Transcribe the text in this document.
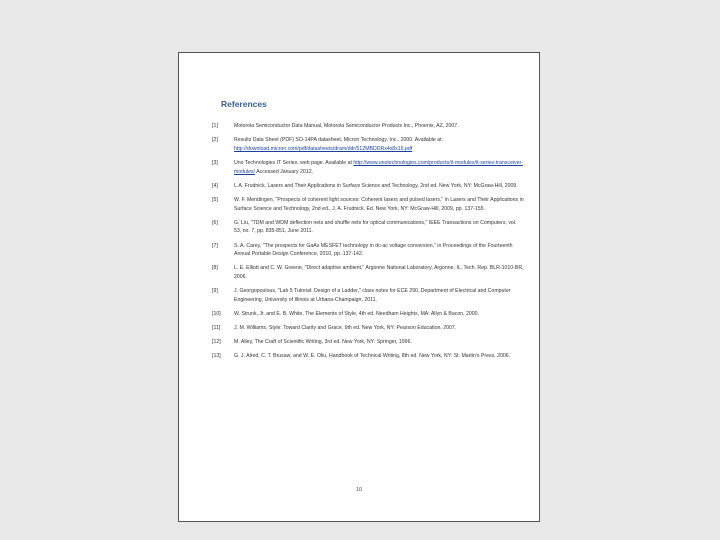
References
[1]	Motorola Semiconductor Data Manual, Motorola Semiconductor Products Inc., Phoenix, AZ, 2007.
[2]	Results Data Sheet (PDF) SO-14PA datasheet, Micron Technology, Inc., 2000. Available at: http://download.micron.com/pdf/datasheets/dram/ddr/512MBDDRx4x8x16.pdf
[3]	Uno Technologies IT Series, web page. Available at http://www.unotechnologies.com/products/it-modules/it-series-transceiver-modules/ Accessed January 2012.
[4]	L.A. Frudnick, Lasers and Their Applications in Surface Science and Technology, 2nd ed. New York, NY: McGraw-Hill, 2009.
[5]	W. F. Mendingen, "Prospects of coherent light sources: Coherent lasers and pulsed lasers," in Lasers and Their Applications in Surface Science and Technology, 2nd ed., J. A. Frudnick, Ed. New York, NY: McGraw-Hill, 2009, pp. 137-155.
[6]	G. Liu, "TDM and WDM deflection nets and shuffle nets for optical communications," IEEE Transactions on Computers, vol. 53, no. 7, pp. 835-851, June 2011.
[7]	S. A. Carey, "The prospects for GaAs MESFET technology in dc-ac voltage conversion," in Proceedings of the Fourteenth Annual Portable Design Conference, 2010, pp. 137-142.
[8]	L. E. Elliott and C. W. Greene, "Direct adaptive ambient," Argonne National Laboratory, Argonne, IL, Tech. Rep. BLR-1010-BR, 2006.
[9]	J. Georgopoulous, "Lab 5 Tutorial: Design of a Ladder," class notes for ECE 290, Department of Electrical and Computer Engineering, University of Illinois at Urbana-Champaign, 2011.
[10]	W. Strunk, Jr. and E. B. White, The Elements of Style, 4th ed. Needham Heights, MA: Allyn & Bacon, 2000.
[11]	J. M. Williams, Style: Toward Clarity and Grace, 9th ed. New York, NY: Pearson Education, 2007.
[12]	M. Alley, The Craft of Scientific Writing, 3rd ed. New York, NY: Springer, 1996.
[13]	G. J. Alred, C. T. Brusaw, and W. E. Oliu, Handbook of Technical Writing, 8th ed. New York, NY: St. Martin's Press, 2006.
10
